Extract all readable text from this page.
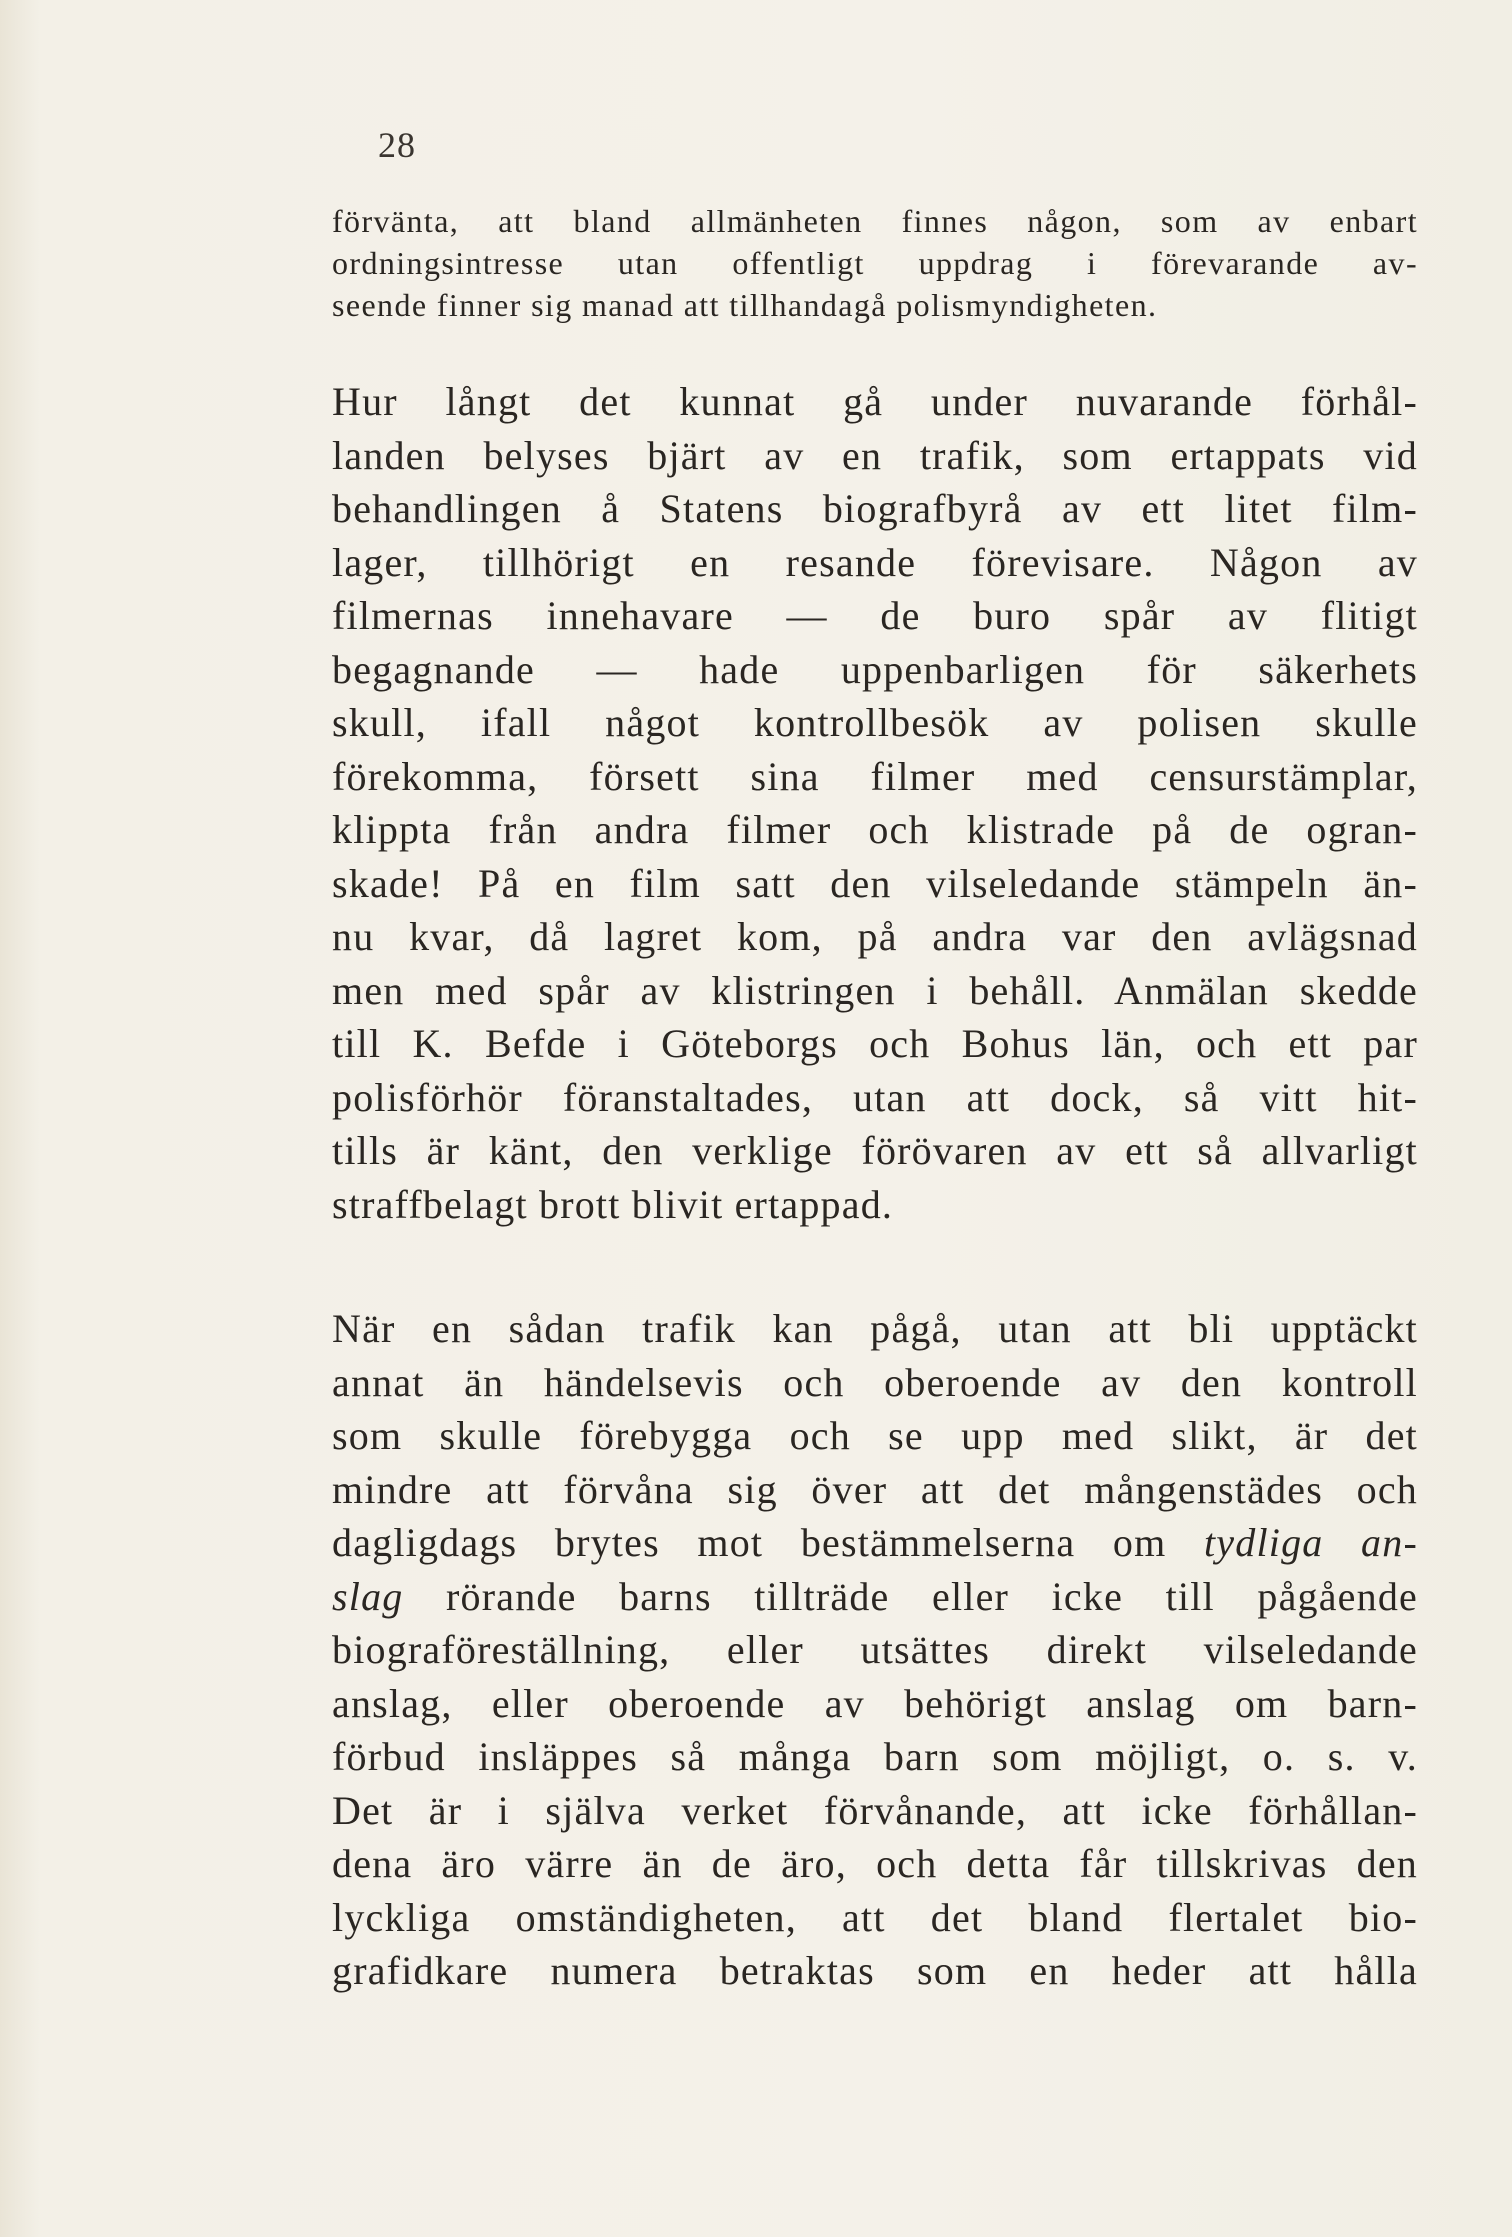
28

förvänta, att bland allmänheten finnes någon, som av enbart
ordningsintresse utan offentligt uppdrag i förevarande av-
seende finner sig manad att tillhandagå polismyndigheten.

Hur långt det kunnat gå under nuvarande förhål-
landen belyses bjärt av en trafik, som ertappats vid
behandlingen å Statens biografbyrå av ett litet film-
lager, tillhörigt en resande förevisare. Någon av
filmernas innehavare — de buro spår av flitigt
begagnande — hade uppenbarligen för säkerhets
skull, ifall något kontrollbesök av polisen skulle
förekomma, försett sina filmer med censurstämplar,
klippta från andra filmer och klistrade på de ogran-
skade! På en film satt den vilseledande stämpeln än-
nu kvar, då lagret kom, på andra var den avlägsnad
men med spår av klistringen i behåll. Anmälan skedde
till K. Befde i Göteborgs och Bohus län, och ett par
polisförhör föranstaltades, utan att dock, så vitt hit-
tills är känt, den verklige förövaren av ett så allvarligt
straffbelagt brott blivit ertappad.

När en sådan trafik kan pågå, utan att bli upptäckt
annat än händelsevis och oberoende av den kontroll
som skulle förebygga och se upp med slikt, är det
mindre att förvåna sig över att det mångenstädes och
dagligdags brytes mot bestämmelserna om tydliga an-
slag rörande barns tillträde eller icke till pågående
biograföreställning, eller utsättes direkt vilseledande
anslag, eller oberoende av behörigt anslag om barn-
förbud insläppes så många barn som möjligt, o. s. v.
Det är i själva verket förvånande, att icke förhållan-
dena äro värre än de äro, och detta får tillskrivas den
lyckliga omständigheten, att det bland flertalet bio-
grafidkare numera betraktas som en heder att hålla
